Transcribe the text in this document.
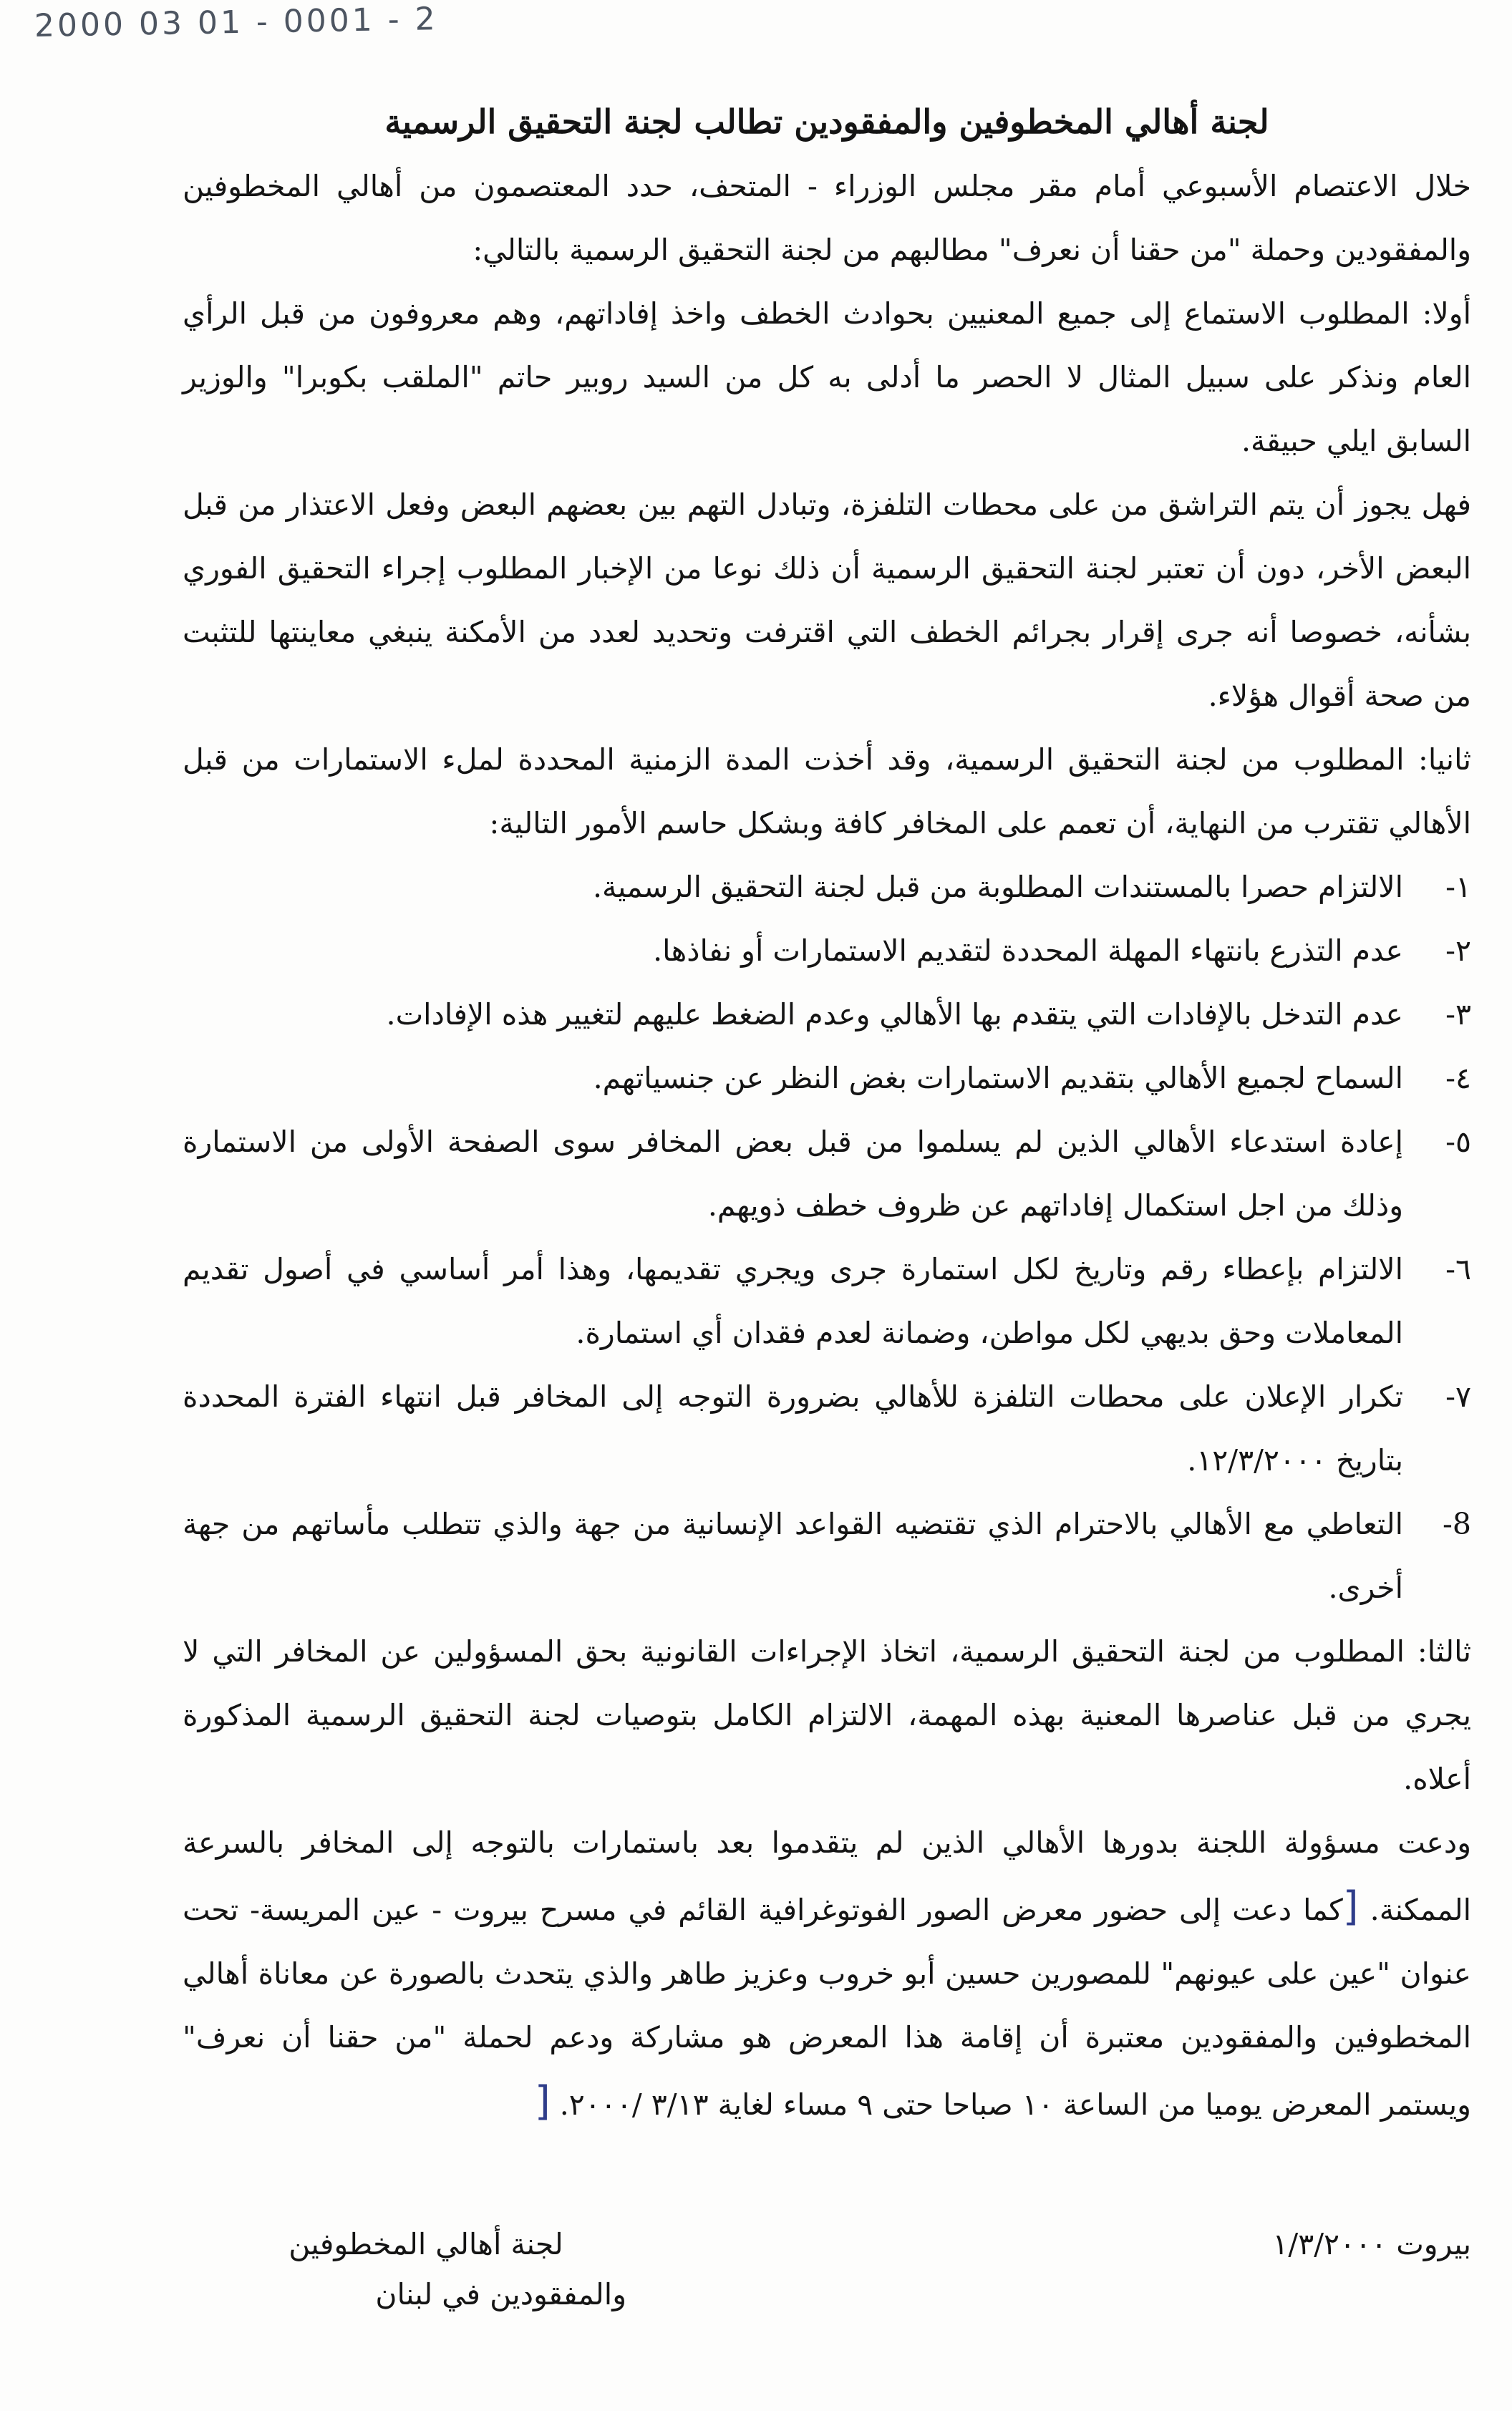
2000 03 01 - 0001 - 2
لجنة أهالي المخطوفين والمفقودين تطالب لجنة التحقيق الرسمية

خلال الاعتصام الأسبوعي أمام مقر مجلس الوزراء - المتحف، حدد المعتصمون من أهالي المخطوفين والمفقودين وحملة "من حقنا أن نعرف" مطالبهم من لجنة التحقيق الرسمية بالتالي:

أولا: المطلوب الاستماع إلى جميع المعنيين بحوادث الخطف واخذ إفاداتهم، وهم معروفون من قبل الرأي العام ونذكر على سبيل المثال لا الحصر ما أدلى به كل من السيد روبير حاتم "الملقب بكوبرا" والوزير السابق ايلي حبيقة.

فهل يجوز أن يتم التراشق من على محطات التلفزة، وتبادل التهم بين بعضهم البعض وفعل الاعتذار من قبل البعض الأخر، دون أن تعتبر لجنة التحقيق الرسمية أن ذلك نوعا من الإخبار المطلوب إجراء التحقيق الفوري بشأنه، خصوصا أنه جرى إقرار بجرائم الخطف التي اقترفت وتحديد لعدد من الأمكنة ينبغي معاينتها للتثبت من صحة أقوال هؤلاء.

ثانيا: المطلوب من لجنة التحقيق الرسمية، وقد أخذت المدة الزمنية المحددة لملء الاستمارات من قبل الأهالي تقترب من النهاية، أن تعمم على المخافر كافة وبشكل حاسم الأمور التالية:

١-
الالتزام حصرا بالمستندات المطلوبة من قبل لجنة التحقيق الرسمية.
٢-
عدم التذرع بانتهاء المهلة المحددة لتقديم الاستمارات أو نفاذها.
٣-
عدم التدخل بالإفادات التي يتقدم بها الأهالي وعدم الضغط عليهم لتغيير هذه الإفادات.
٤-
السماح لجميع الأهالي بتقديم الاستمارات بغض النظر عن جنسياتهم.
٥-
إعادة استدعاء الأهالي الذين لم يسلموا من قبل بعض المخافر سوى الصفحة الأولى من الاستمارة وذلك من اجل استكمال إفاداتهم عن ظروف خطف ذويهم.
٦-
الالتزام بإعطاء رقم وتاريخ لكل استمارة جرى ويجري تقديمها، وهذا أمر أساسي في أصول تقديم المعاملات وحق بديهي لكل مواطن، وضمانة لعدم فقدان أي استمارة.
٧-
تكرار الإعلان على محطات التلفزة للأهالي بضرورة التوجه إلى المخافر قبل انتهاء الفترة المحددة بتاريخ ١٢/٣/٢٠٠٠.
8-
التعاطي مع الأهالي بالاحترام الذي تقتضيه القواعد الإنسانية من جهة والذي تتطلب مأساتهم من جهة أخرى.

ثالثا: المطلوب من لجنة التحقيق الرسمية، اتخاذ الإجراءات القانونية بحق المسؤولين عن المخافر التي لا يجري من قبل عناصرها المعنية بهذه المهمة، الالتزام الكامل بتوصيات لجنة التحقيق الرسمية المذكورة أعلاه.

ودعت مسؤولة اللجنة بدورها الأهالي الذين لم يتقدموا بعد باستمارات بالتوجه إلى المخافر بالسرعة الممكنة. [كما دعت إلى حضور معرض الصور الفوتوغرافية القائم في مسرح بيروت - عين المريسة- تحت عنوان "عين على عيونهم" للمصورين حسين أبو خروب وعزيز طاهر والذي يتحدث بالصورة عن معاناة أهالي المخطوفين والمفقودين معتبرة أن إقامة هذا المعرض هو مشاركة ودعم لحملة "من حقنا أن نعرف" ويستمر المعرض يوميا من الساعة ١٠ صباحا حتى ٩ مساء لغاية ٣/١٣ /٢٠٠٠. [

بيروت ١/٣/٢٠٠٠
لجنة أهالي المخطوفين
والمفقودين في لبنان
